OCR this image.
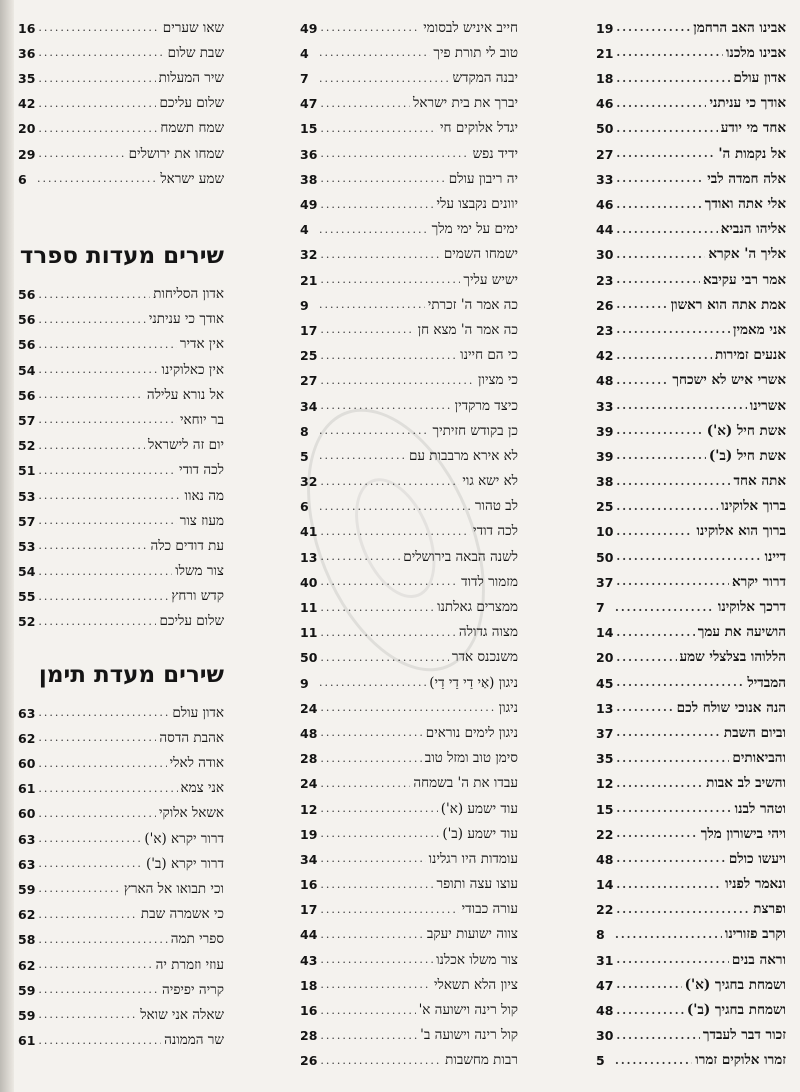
אבינו האב הרחמן
.....
19
אבינו מלכנו
.....
21
אדון עולם
.....
18
אודך כי עניתני
.....
46
אחד מי יודע
.....
50
אל נקמות ה'
.....
27
אלה חמדה לבי
.....
33
אלי אתה ואודך
.....
46
אליהו הנביא
.....
44
אליך ה' אקרא
.....
30
אמר רבי עקיבא
.....
23
אמת אתה הוא ראשון
.....
26
אני מאמין
.....
23
אנעים זמירות
.....
42
אשרי איש לא ישכחך
.....
48
אשרינו
.....
33
אשת חיל (א')
.....
39
אשת חיל (ב')
.....
39
אתה אחד
.....
38
ברוך אלוקינו
.....
25
ברוך הוא אלוקינו
.....
10
דיינו
.....
50
דרור יקרא
.....
37
דרכך אלוקינו
.....
7
הושיעה את עמך
.....
14
הללוהו בצלצלי שמע
.....
20
המבדיל
.....
45
הנה אנוכי שולח לכם
.....
13
וביום השבת
.....
37
והביאותים
.....
35
והשיב לב אבות
.....
12
וטהר לבנו
.....
15
ויהי בישורון מלך
.....
22
ויעשו כולם
.....
48
ונאמר לפניו
.....
14
ופרצת
.....
22
וקרב פזורינו
.....
8
וראה בנים
.....
31
ושמחת בחגיך (א')
.....
47
ושמחת בחגיך (ב')
.....
48
זכור דבר לעבדך
.....
30
זמרו אלוקים זמרו
.....
5
חייב איניש לבסומי
.....
49
טוב לי תורת פיך
.....
4
יבנה המקדש
.....
7
יברך את בית ישראל
.....
47
יגדל אלוקים חי
.....
15
ידיד נפש
.....
36
יה ריבון עולם
.....
38
יוונים נקבצו עלי
.....
49
ימים על ימי מלך
.....
4
ישמחו השמים
.....
32
ישיש עליך
.....
21
כה אמר ה' זכרתי
.....
9
כה אמר ה' מצא חן
.....
17
כי הם חיינו
.....
25
כי מציון
.....
27
כיצד מרקדין
.....
34
כן בקודש חזיתיך
.....
8
לא אירא מרבבות עם
.....
5
לא ישא גוי
.....
32
לב טהור
.....
6
לכה דודי
.....
41
לשנה הבאה בירושלים
.....
13
מזמור לדוד
.....
40
ממצרים גאלתנו
.....
11
מצוה גדולה
.....
11
משנכנס אדר
.....
50
ניגון (אַי דַי דַי דַי)
.....
9
ניגון
.....
24
ניגון לימים נוראים
.....
48
סימן טוב ומזל טוב
.....
28
עבדו את ה' בשמחה
.....
24
עוד ישמע (א')
.....
12
עוד ישמע (ב')
.....
19
עומדות היו רגלינו
.....
34
עוצו עצה ותופר
.....
16
עורה כבודי
.....
17
צווה ישועות יעקב
.....
44
צור משלו אכלנו
.....
43
ציון הלא תשאלי
.....
18
קול רינה וישועה א'
.....
16
קול רינה וישועה ב'
.....
28
רבות מחשבות
.....
26
שאו שערים
.....
16
שבת שלום
.....
36
שיר המעלות
.....
35
שלום עליכם
.....
42
שמח תשמח
.....
20
שמחו את ירושלים
.....
29
שמע ישראל
.....
6
שירים מעדות ספרד
אדון הסליחות
.....
56
אודך כי עניתני
.....
56
אין אדיר
.....
56
אין כאלוקינו
.....
54
אל נורא עלילה
.....
56
בר יוחאי
.....
57
יום זה לישראל
.....
52
לכה דודי
.....
51
מה נאוו
.....
53
מעוז צור
.....
57
עת דודים כלה
.....
53
צור משלו
.....
54
קדש ורחץ
.....
55
שלום עליכם
.....
52
שירים מעדת תימן
אדון עולם
.....
63
אהבת הדסה
.....
62
אודה לאלי
.....
60
אני צמא
.....
61
אשאל אלוקי
.....
60
דרור יקרא (א')
.....
63
דרור יקרא (ב')
.....
63
וכי תבואו אל הארץ
.....
59
כי אשמרה שבת
.....
62
ספרי תמה
.....
58
עוזי וזמרת יה
.....
62
קריה יפיפיה
.....
59
שאלה אני שואל
.....
59
שר הממונה
.....
61
